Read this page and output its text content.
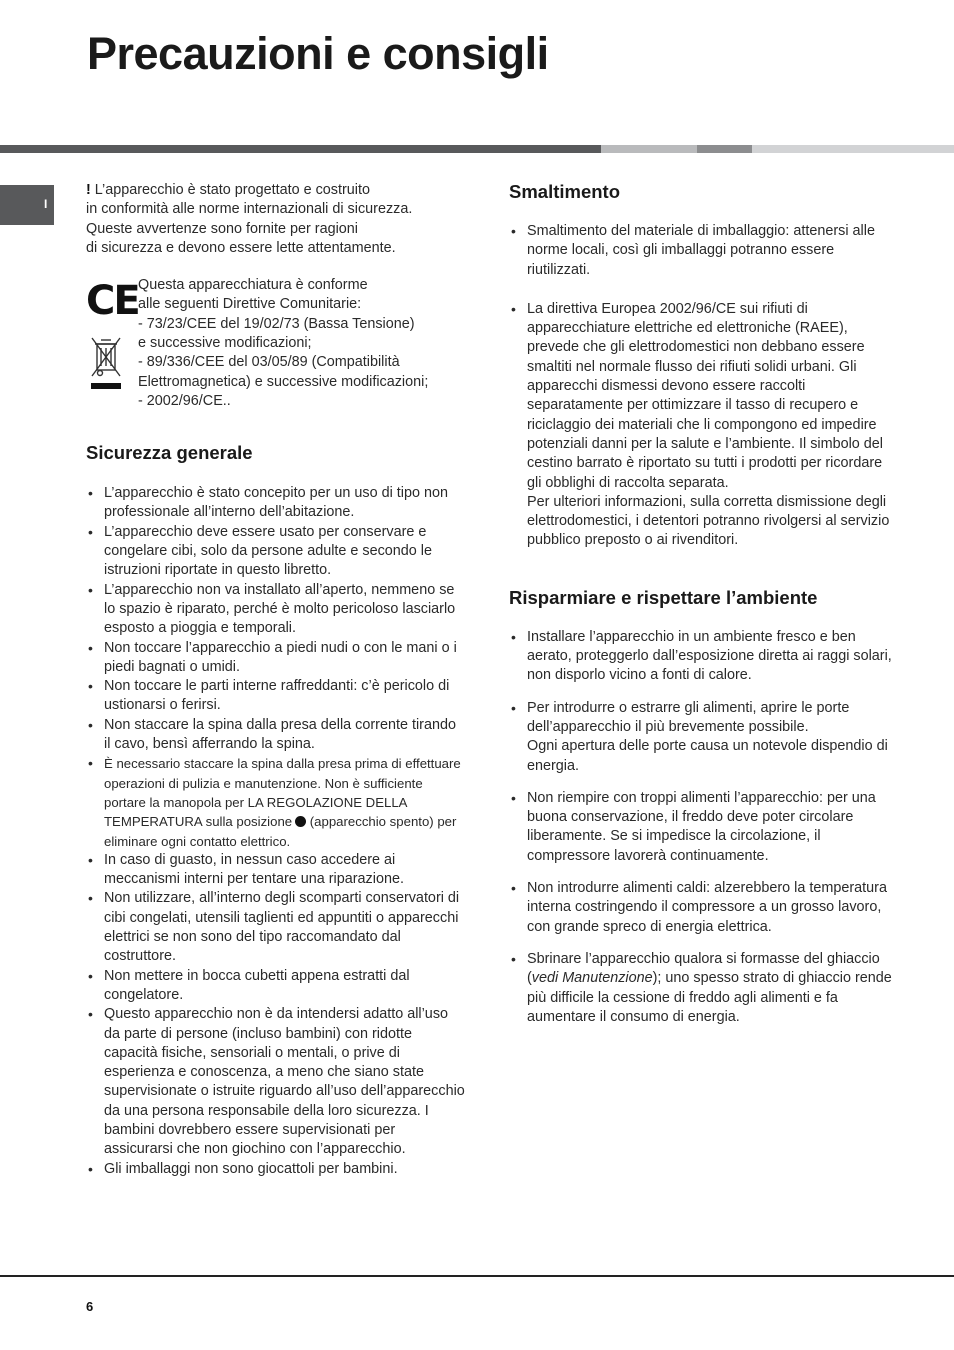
Precauzioni e consigli
I

! L’apparecchio è stato progettato e costruito

in conformità alle norme internazionali di sicurezza.

Queste avvertenze sono fornite per ragioni

di sicurezza e devono essere lette attentamente.

CE Questa apparecchiatura è conforme

alle seguenti Direttive Comunitarie:

- 73/23/CEE del 19/02/73 (Bassa Tensione)

e successive modificazioni;

- 89/336/CEE del 03/05/89 (Compatibilità

Elettromagnetica) e successive modificazioni;

- 2002/96/CE..

Sicurezza generale
• L’apparecchio è stato concepito per un uso di tipo non professionale all’interno dell’abitazione.
• L’apparecchio deve essere usato per conservare e congelare cibi, solo da persone adulte e secondo le istruzioni riportate in questo libretto.
• L’apparecchio non va installato all’aperto, nemmeno se lo spazio è riparato, perché è molto pericoloso lasciarlo esposto a pioggia e temporali.
• Non toccare l’apparecchio a piedi nudi o con le mani o i piedi bagnati o umidi.
• Non toccare le parti interne raffreddanti: c’è pericolo di ustionarsi o ferirsi.
• Non staccare la spina dalla presa della corrente tirando il cavo, bensì afferrando la spina.
• È necessario staccare la spina dalla presa prima di effettuare operazioni di pulizia e manutenzione. Non è sufficiente portare la manopola per LA REGOLAZIONE DELLA TEMPERATURA sulla posizione (apparecchio spento) per eliminare ogni contatto elettrico.
• In caso di guasto, in nessun caso accedere ai meccanismi interni per tentare una riparazione.
• Non utilizzare, all’interno degli scomparti conservatori di cibi congelati, utensili taglienti ed appuntiti o apparecchi elettrici se non sono del tipo raccomandato dal costruttore.
• Non mettere in bocca cubetti appena estratti dal congelatore.
• Questo apparecchio non è da intendersi adatto all’uso da parte di persone (incluso bambini) con ridotte capacità fisiche, sensoriali o mentali, o prive di esperienza e conoscenza, a meno che siano state supervisionate o istruite riguardo all’uso dell’apparecchio da una persona responsabile della loro sicurezza. I bambini dovrebbero essere supervisionati per assicurarsi che non giochino con l’apparecchio.
• Gli imballaggi non sono giocattoli per bambini.
Smaltimento
• Smaltimento del materiale di imballaggio: attenersi alle norme locali, così gli imballaggi potranno essere riutilizzati.
• La direttiva Europea 2002/96/CE sui rifiuti di apparecchiature elettriche ed elettroniche (RAEE), prevede che gli elettrodomestici non debbano essere smaltiti nel normale flusso dei rifiuti solidi urbani. Gli apparecchi dismessi devono essere raccolti separatamente per ottimizzare il tasso di recupero e riciclaggio dei materiali che li compongono ed impedire potenziali danni per la salute e l’ambiente. Il simbolo del cestino barrato è riportato su tutti i prodotti per ricordare gli obblighi di raccolta separata.
Per ulteriori informazioni, sulla corretta dismissione degli elettrodomestici, i detentori potranno rivolgersi al servizio pubblico preposto o ai rivenditori.
Risparmiare e rispettare l’ambiente
• Installare l’apparecchio in un ambiente fresco e ben aerato, proteggerlo dall’esposizione diretta ai raggi solari, non disporlo vicino a fonti di calore.
• Per introdurre o estrarre gli alimenti, aprire le porte dell’apparecchio il più brevemente possibile.
Ogni apertura delle porte causa un notevole dispendio di energia.
• Non riempire con troppi alimenti l’apparecchio: per una buona conservazione, il freddo deve poter circolare liberamente. Se si impedisce la circolazione, il compressore lavorerà continuamente.
• Non introdurre alimenti caldi: alzerebbero la temperatura interna costringendo il compressore a un grosso lavoro, con grande spreco di energia elettrica.
• Sbrinare l’apparecchio qualora si formasse del ghiaccio (vedi Manutenzione); uno spesso strato di ghiaccio rende più difficile la cessione di freddo agli alimenti e fa aumentare il consumo di energia.
6
